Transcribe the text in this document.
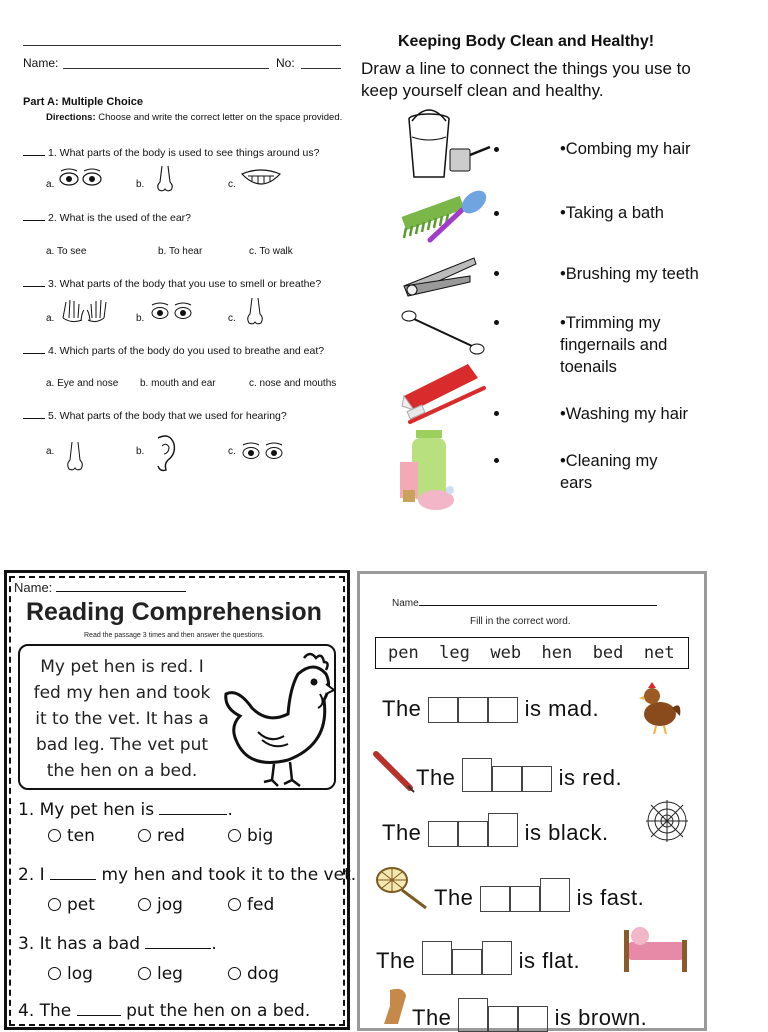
Name:	No:
Part A: Multiple Choice
Directions: Choose and write the correct letter on the space provided.
1. What parts of the body is used to see things around us?
a.	b.	c.
2. What is the used of the ear?
a. To see	b. To hear	c. To walk
3. What parts of the body that you use to smell or breathe?
a.	b.	c.
4. Which parts of the body do you used to breathe and eat?
a. Eye and nose b. mouth and ear	c. nose and mouths
5. What parts of the body that we used for hearing?
a.	b.	c.
Keeping Body Clean and Healthy!
Draw a line to connect the things you use to keep yourself clean and healthy.
•Combing my hair
•Taking a bath
•Brushing my teeth
•Trimming my fingernails and toenails
•Washing my hair
•Cleaning my ears
Name:
Reading Comprehension
Read the passage 3 times and then answer the questions.
My pet hen is red. I
fed my hen and took
it to the vet. It has a
bad leg. The vet put
the hen on a bed.
1. My pet hen is	.
ten	red	big
2. I	my hen and took it to the vet.
pet	jog	fed
3. It has a bad	.
log	leg	dog
4. The	put the hen on a bed.
Name
Fill in the correct word.
pen  leg  web  hen  bed  net
The	is mad.
The	is red.
The	is black.
The	is fast.
The	is flat.
The	is brown.
